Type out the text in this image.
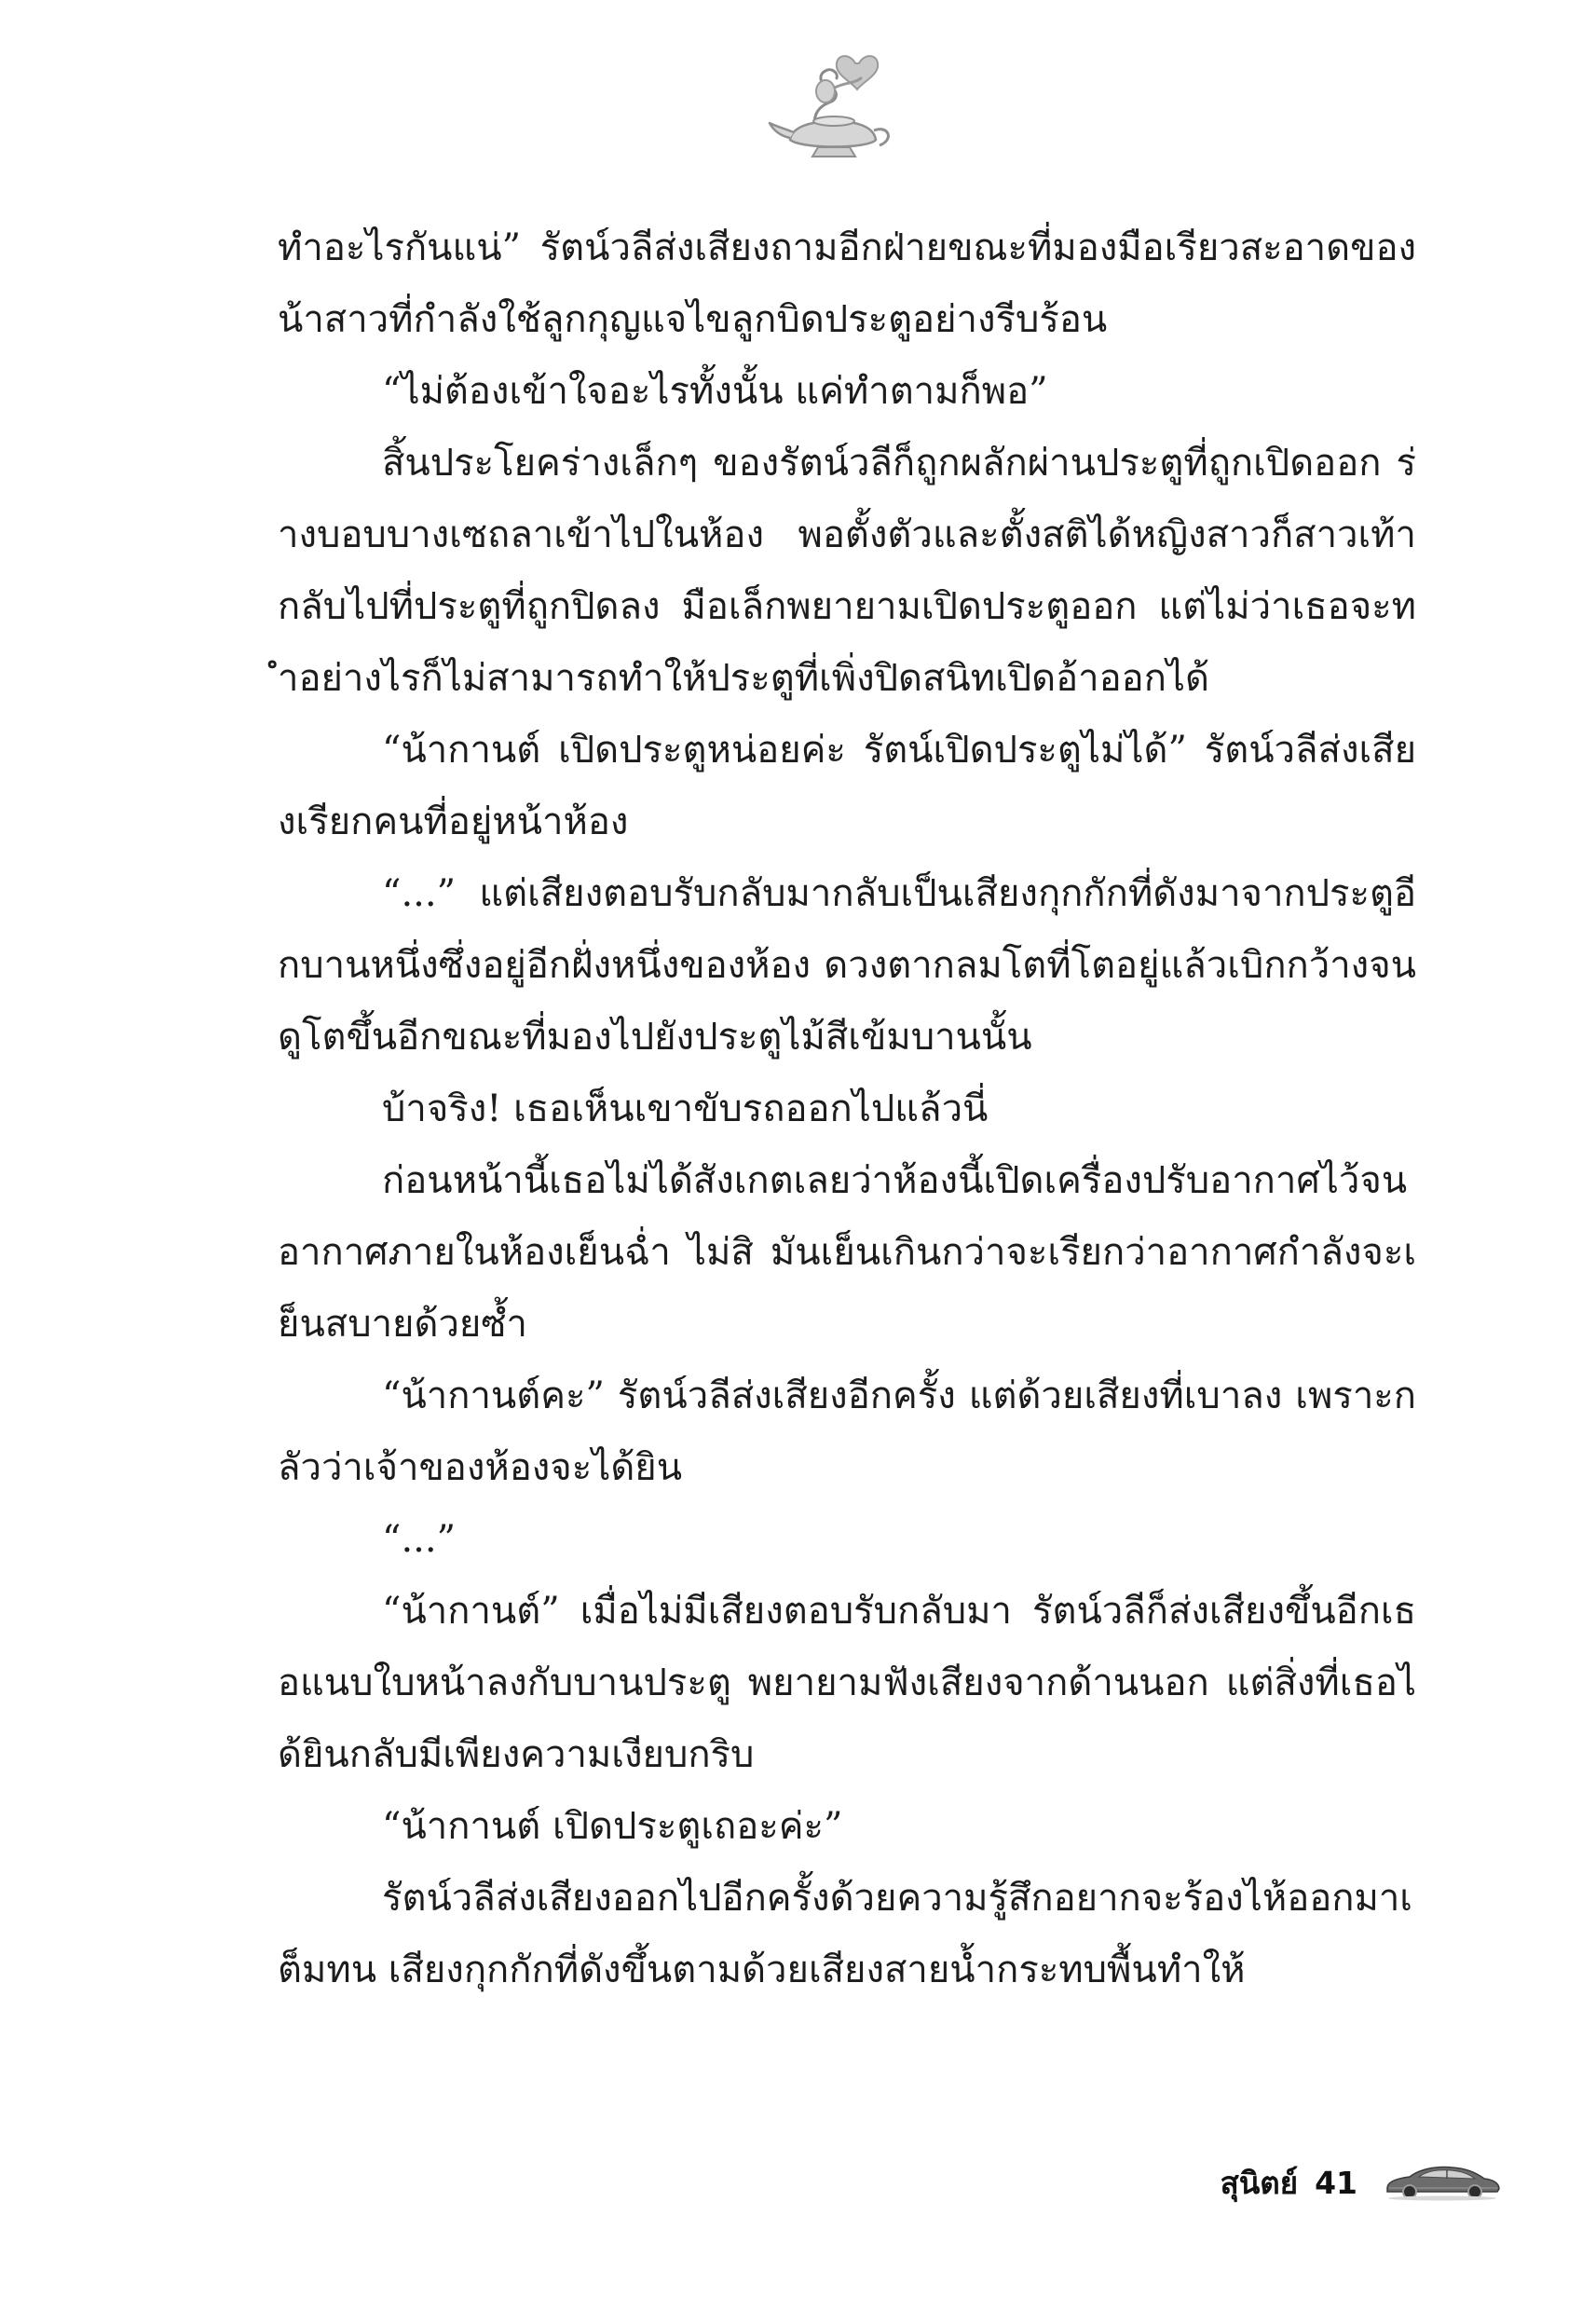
ทำอะไรกันแน่” รัตน์วลีส่งเสียงถามอีกฝ่ายขณะที่มองมือเรียวสะอาดของน้าสาวที่กำลังใช้ลูกกุญแจไขลูกบิดประตูอย่างรีบร้อน

“ไม่ต้องเข้าใจอะไรทั้งนั้น แค่ทำตามก็พอ”

สิ้นประโยคร่างเล็กๆ ของรัตน์วลีก็ถูกผลักผ่านประตูที่ถูกเปิดออก ร่างบอบบางเซถลาเข้าไปในห้อง พอตั้งตัวและตั้งสติได้หญิงสาวก็สาวเท้ากลับไปที่ประตูที่ถูกปิดลง มือเล็กพยายามเปิดประตูออก แต่ไม่ว่าเธอจะทำอย่างไรก็ไม่สามารถทำให้ประตูที่เพิ่งปิดสนิทเปิดอ้าออกได้

“น้ากานต์ เปิดประตูหน่อยค่ะ รัตน์เปิดประตูไม่ได้” รัตน์วลีส่งเสียงเรียกคนที่อยู่หน้าห้อง

“...” แต่เสียงตอบรับกลับมากลับเป็นเสียงกุกกักที่ดังมาจากประตูอีกบานหนึ่งซึ่งอยู่อีกฝั่งหนึ่งของห้อง ดวงตากลมโตที่โตอยู่แล้วเบิกกว้างจนดูโตขึ้นอีกขณะที่มองไปยังประตูไม้สีเข้มบานนั้น

บ้าจริง! เธอเห็นเขาขับรถออกไปแล้วนี่

ก่อนหน้านี้เธอไม่ได้สังเกตเลยว่าห้องนี้เปิดเครื่องปรับอากาศไว้จนอากาศภายในห้องเย็นฉ่ำ ไม่สิ มันเย็นเกินกว่าจะเรียกว่าอากาศกำลังจะเย็นสบายด้วยซ้ำ

“น้ากานต์คะ” รัตน์วลีส่งเสียงอีกครั้ง แต่ด้วยเสียงที่เบาลง เพราะกลัวว่าเจ้าของห้องจะได้ยิน

“...”

“น้ากานต์” เมื่อไม่มีเสียงตอบรับกลับมา รัตน์วลีก็ส่งเสียงขึ้นอีกเธอแนบใบหน้าลงกับบานประตู พยายามฟังเสียงจากด้านนอก แต่สิ่งที่เธอได้ยินกลับมีเพียงความเงียบกริบ

“น้ากานต์ เปิดประตูเถอะค่ะ”

รัตน์วลีส่งเสียงออกไปอีกครั้งด้วยความรู้สึกอยากจะร้องไห้ออกมาเต็มทน เสียงกุกกักที่ดังขึ้นตามด้วยเสียงสายน้ำกระทบพื้นทำให้

สุนิตย์ 41
